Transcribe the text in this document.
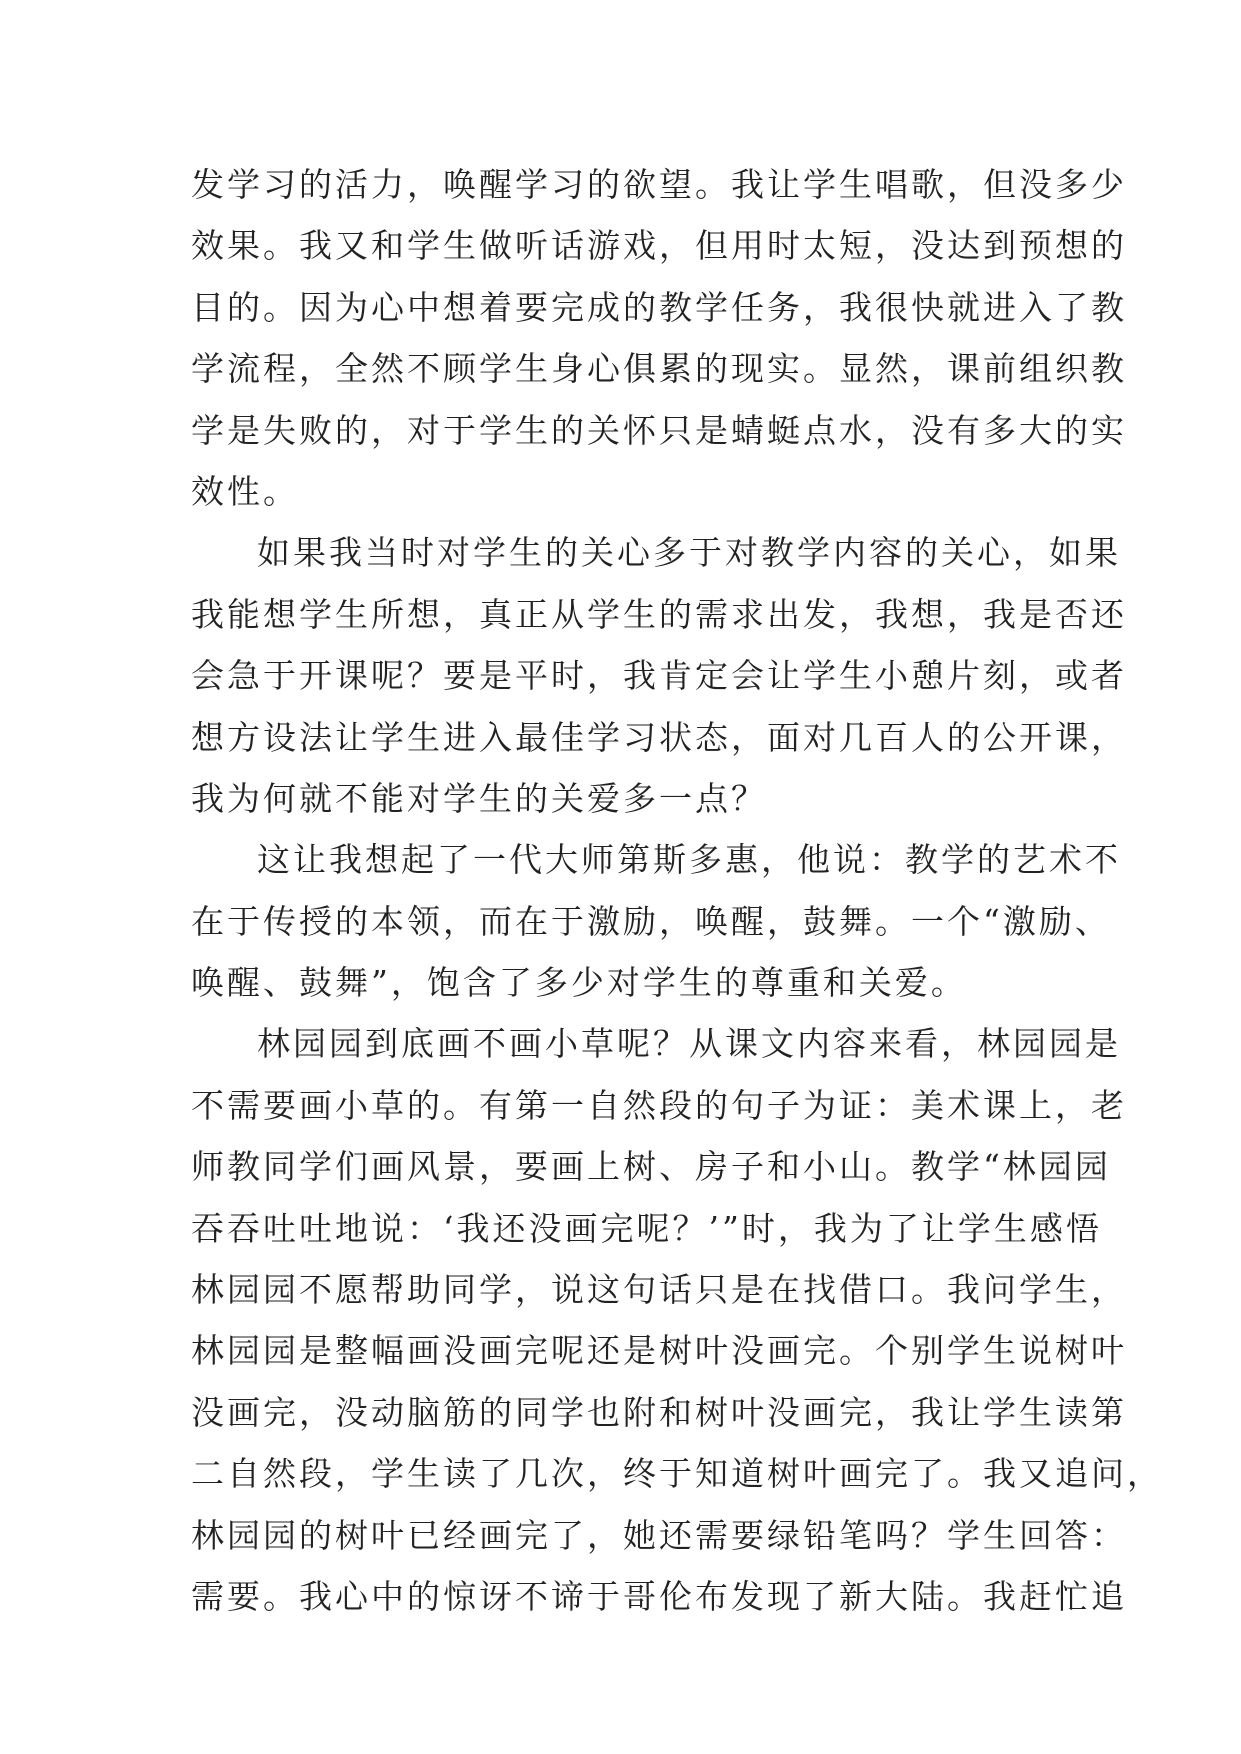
发学习的活力，唤醒学习的欲望。我让学生唱歌，但没多少
效果。我又和学生做听话游戏，但用时太短，没达到预想的
目的。因为心中想着要完成的教学任务，我很快就进入了教
学流程，全然不顾学生身心俱累的现实。显然，课前组织教
学是失败的，对于学生的关怀只是蜻蜓点水，没有多大的实
效性。
如果我当时对学生的关心多于对教学内容的关心，如果
我能想学生所想，真正从学生的需求出发，我想，我是否还
会急于开课呢？要是平时，我肯定会让学生小憩片刻，或者
想方设法让学生进入最佳学习状态，面对几百人的公开课，
我为何就不能对学生的关爱多一点？
这让我想起了一代大师第斯多惠，他说：教学的艺术不
在于传授的本领，而在于激励，唤醒，鼓舞。一个“激励、
唤醒、鼓舞”，饱含了多少对学生的尊重和关爱。
林园园到底画不画小草呢？从课文内容来看，林园园是
不需要画小草的。有第一自然段的句子为证：美术课上，老
师教同学们画风景，要画上树、房子和小山。教学“林园园
吞吞吐吐地说：‘我还没画完呢？’”时，我为了让学生感悟
林园园不愿帮助同学，说这句话只是在找借口。我问学生，
林园园是整幅画没画完呢还是树叶没画完。个别学生说树叶
没画完，没动脑筋的同学也附和树叶没画完，我让学生读第
二自然段，学生读了几次，终于知道树叶画完了。我又追问，
林园园的树叶已经画完了，她还需要绿铅笔吗？学生回答：
需要。我心中的惊讶不谛于哥伦布发现了新大陆。我赶忙追
